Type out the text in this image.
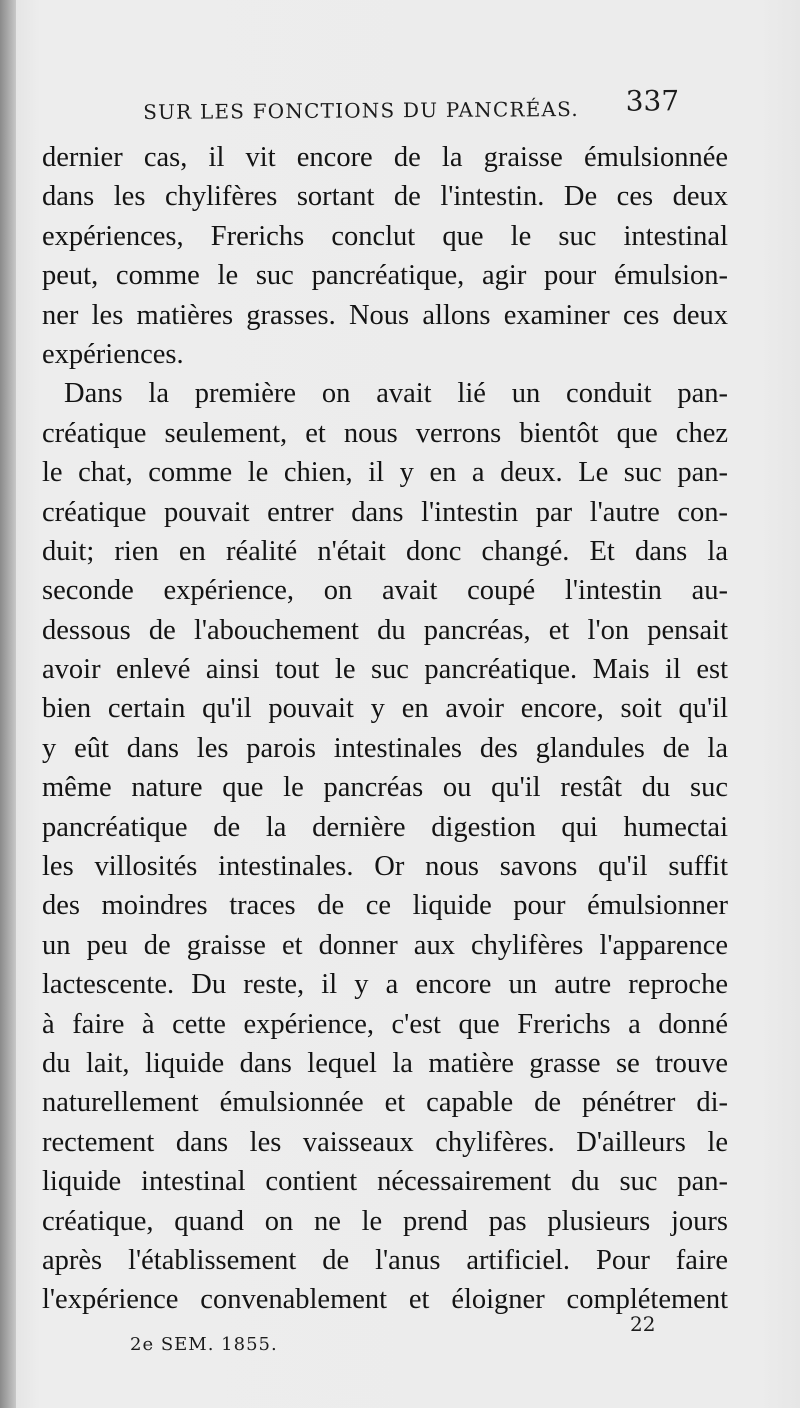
SUR LES FONCTIONS DU PANCRÉAS. 337
dernier cas, il vit encore de la graisse émulsionnée
dans les chylifères sortant de l'intestin. De ces deux
expériences, Frerichs conclut que le suc intestinal
peut, comme le suc pancréatique, agir pour émulsion-
ner les matières grasses. Nous allons examiner ces deux
expériences.
Dans la première on avait lié un conduit pan-
créatique seulement, et nous verrons bientôt que chez
le chat, comme le chien, il y en a deux. Le suc pan-
créatique pouvait entrer dans l'intestin par l'autre con-
duit; rien en réalité n'était donc changé. Et dans la
seconde expérience, on avait coupé l'intestin au-
dessous de l'abouchement du pancréas, et l'on pensait
avoir enlevé ainsi tout le suc pancréatique. Mais il est
bien certain qu'il pouvait y en avoir encore, soit qu'il
y eût dans les parois intestinales des glandules de la
même nature que le pancréas ou qu'il restât du suc
pancréatique de la dernière digestion qui humectai
les villosités intestinales. Or nous savons qu'il suffit
des moindres traces de ce liquide pour émulsionner
un peu de graisse et donner aux chylifères l'apparence
lactescente. Du reste, il y a encore un autre reproche
à faire à cette expérience, c'est que Frerichs a donné
du lait, liquide dans lequel la matière grasse se trouve
naturellement émulsionnée et capable de pénétrer di-
rectement dans les vaisseaux chylifères. D'ailleurs le
liquide intestinal contient nécessairement du suc pan-
créatique, quand on ne le prend pas plusieurs jours
après l'établissement de l'anus artificiel. Pour faire
l'expérience convenablement et éloigner complétement
2e SEM. 1855.
22
